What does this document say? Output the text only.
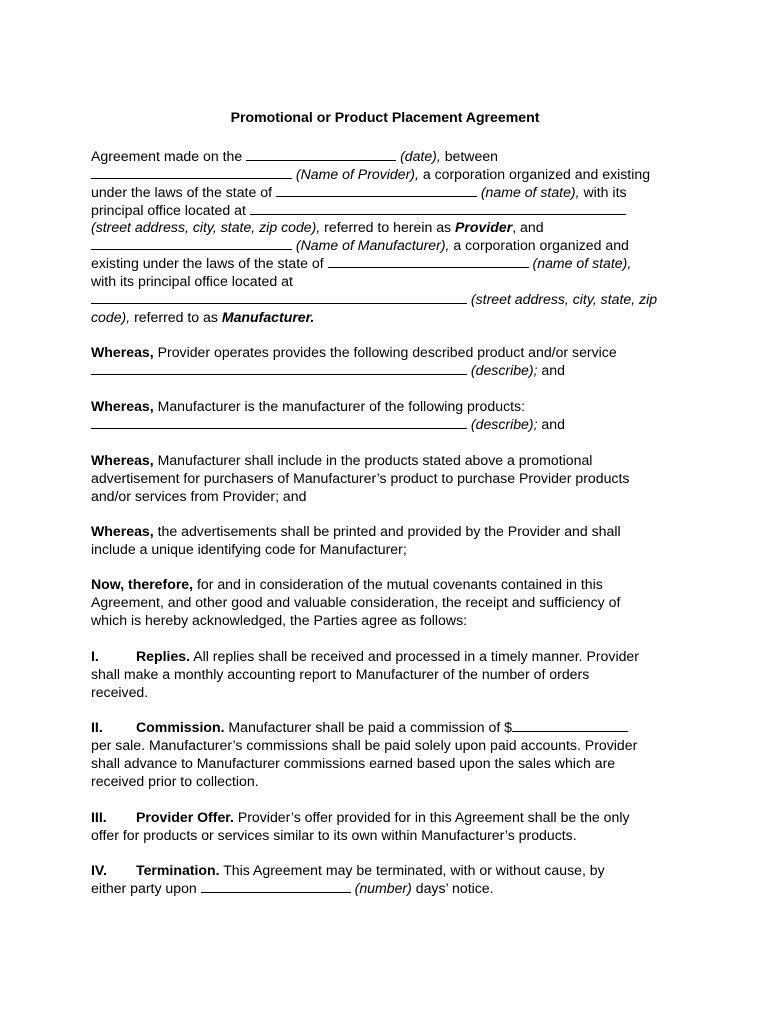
Promotional or Product Placement Agreement
Agreement made on the	(date), between
(Name of Provider), a corporation organized and existing
under the laws of the state of	(name of state), with its
principal office located at
(street address, city, state, zip code), referred to herein as Provider, and
(Name of Manufacturer), a corporation organized and
existing under the laws of the state of	(name of state),
with its principal office located at
(street address, city, state, zip
code), referred to as Manufacturer.
Whereas, Provider operates provides the following described product and/or service
(describe); and
Whereas, Manufacturer is the manufacturer of the following products:
(describe); and
Whereas, Manufacturer shall include in the products stated above a promotional
advertisement for purchasers of Manufacturer’s product to purchase Provider products
and/or services from Provider; and
Whereas, the advertisements shall be printed and provided by the Provider and shall
include a unique identifying code for Manufacturer;
Now, therefore, for and in consideration of the mutual covenants contained in this
Agreement, and other good and valuable consideration, the receipt and sufficiency of
which is hereby acknowledged, the Parties agree as follows:
I.	Replies. All replies shall be received and processed in a timely manner. Provider
shall make a monthly accounting report to Manufacturer of the number of orders
received.
II. Commission. Manufacturer shall be paid a commission of $
per sale. Manufacturer’s commissions shall be paid solely upon paid accounts. Provider
shall advance to Manufacturer commissions earned based upon the sales which are
received prior to collection.
III. Provider Offer. Provider’s offer provided for in this Agreement shall be the only
offer for products or services similar to its own within Manufacturer’s products.
IV. Termination. This Agreement may be terminated, with or without cause, by
either party upon	(number) days’ notice.
